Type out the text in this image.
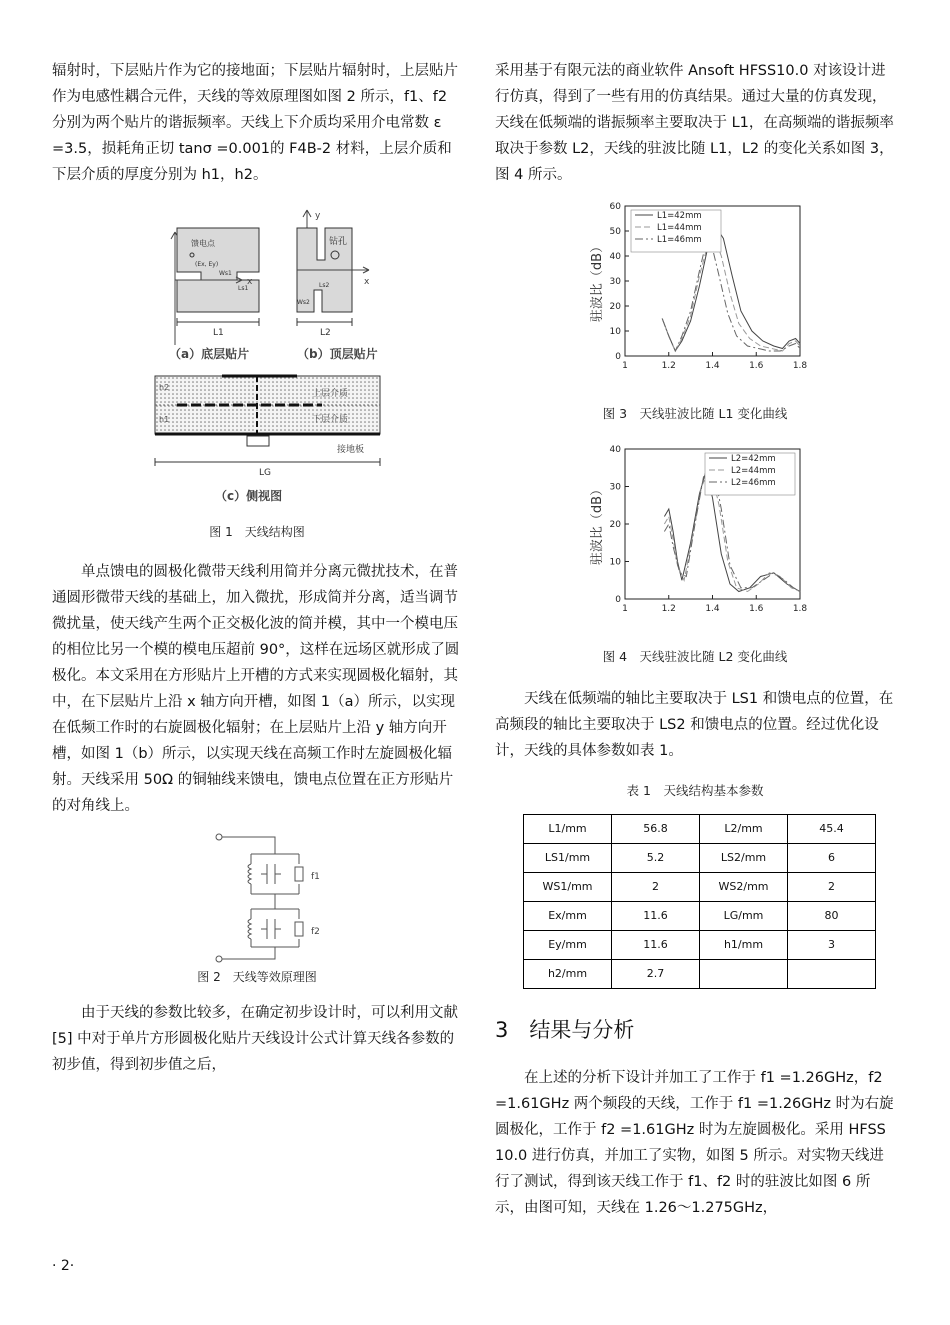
辐射时，下层贴片作为它的接地面；下层贴片辐射时，上层贴片作为电感性耦合元件，天线的等效原理图如图 2 所示，f1、f2 分别为两个贴片的谐振频率。天线上下介质均采用介电常数 ε =3.5，损耗角正切 tanσ =0.001的 F4B-2 材料，上层介质和下层介质的厚度分别为 h1，h2。

x
馈电点
(Ex, Ey)
Ws1
Ls1
L1
（a）底层贴片
y
x
钻孔
Ls2
Ws2
L2
（b）顶层贴片
h2
h1
上层介质
下层介质
接地板
LG
（c）侧视图
图 1　天线结构图

单点馈电的圆极化微带天线利用简并分离元微扰技术，在普通圆形微带天线的基础上，加入微扰，形成简并分离，适当调节微扰量，使天线产生两个正交极化波的简并模，其中一个模电压的相位比另一个模的模电压超前 90°，这样在远场区就形成了圆极化。本文采用在方形贴片上开槽的方式来实现圆极化辐射，其中，在下层贴片上沿 x 轴方向开槽，如图 1（a）所示，以实现在低频工作时的右旋圆极化辐射；在上层贴片上沿 y 轴方向开槽，如图 1（b）所示，以实现天线在高频工作时左旋圆极化辐射。天线采用 50Ω 的铜轴线来馈电，馈电点位置在正方形贴片的对角线上。

f1
f2
图 2　天线等效原理图

由于天线的参数比较多，在确定初步设计时，可以利用文献 [5] 中对于单片方形圆极化贴片天线设计公式计算天线各参数的初步值，得到初步值之后，

采用基于有限元法的商业软件 Ansoft HFSS10.0 对该设计进行仿真，得到了一些有用的仿真结果。通过大量的仿真发现，天线在低频端的谐振频率主要取决于 L1，在高频端的谐振频率取决于参数 L2，天线的驻波比随 L1，L2 的变化关系如图 3，图 4 所示。

1	1.2	1.4	1.6	1.8
0
10
20
30
40
50
60
驻波比（dB）
L1=42mm
L1=44mm
L1=46mm
图 3　天线驻波比随 L1 变化曲线
1	1.2	1.4	1.6	1.8
0
10
20
30
40
驻波比（dB）
L2=42mm
L2=44mm
L2=46mm
图 4　天线驻波比随 L2 变化曲线

天线在低频端的轴比主要取决于 LS1 和馈电点的位置，在高频段的轴比主要取决于 LS2 和馈电点的位置。经过优化设计，天线的具体参数如表 1。

表 1　天线结构基本参数
L1/mm	56.8	L2/mm	45.4
LS1/mm	5.2	LS2/mm	6
WS1/mm	2	WS2/mm	2
Ex/mm	11.6	LG/mm	80
Ey/mm	11.6	h1/mm	3
h2/mm	2.7		
3　结果与分析

在上述的分析下设计并加工了工作于 f1 =1.26GHz，f2 =1.61GHz 两个频段的天线，工作于 f1 =1.26GHz 时为右旋圆极化，工作于 f2 =1.61GHz 时为左旋圆极化。采用 HFSS 10.0 进行仿真，并加工了实物，如图 5 所示。对实物天线进行了测试，得到该天线工作于 f1、f2 时的驻波比如图 6 所示，由图可知，天线在 1.26～1.275GHz，

· 2·
